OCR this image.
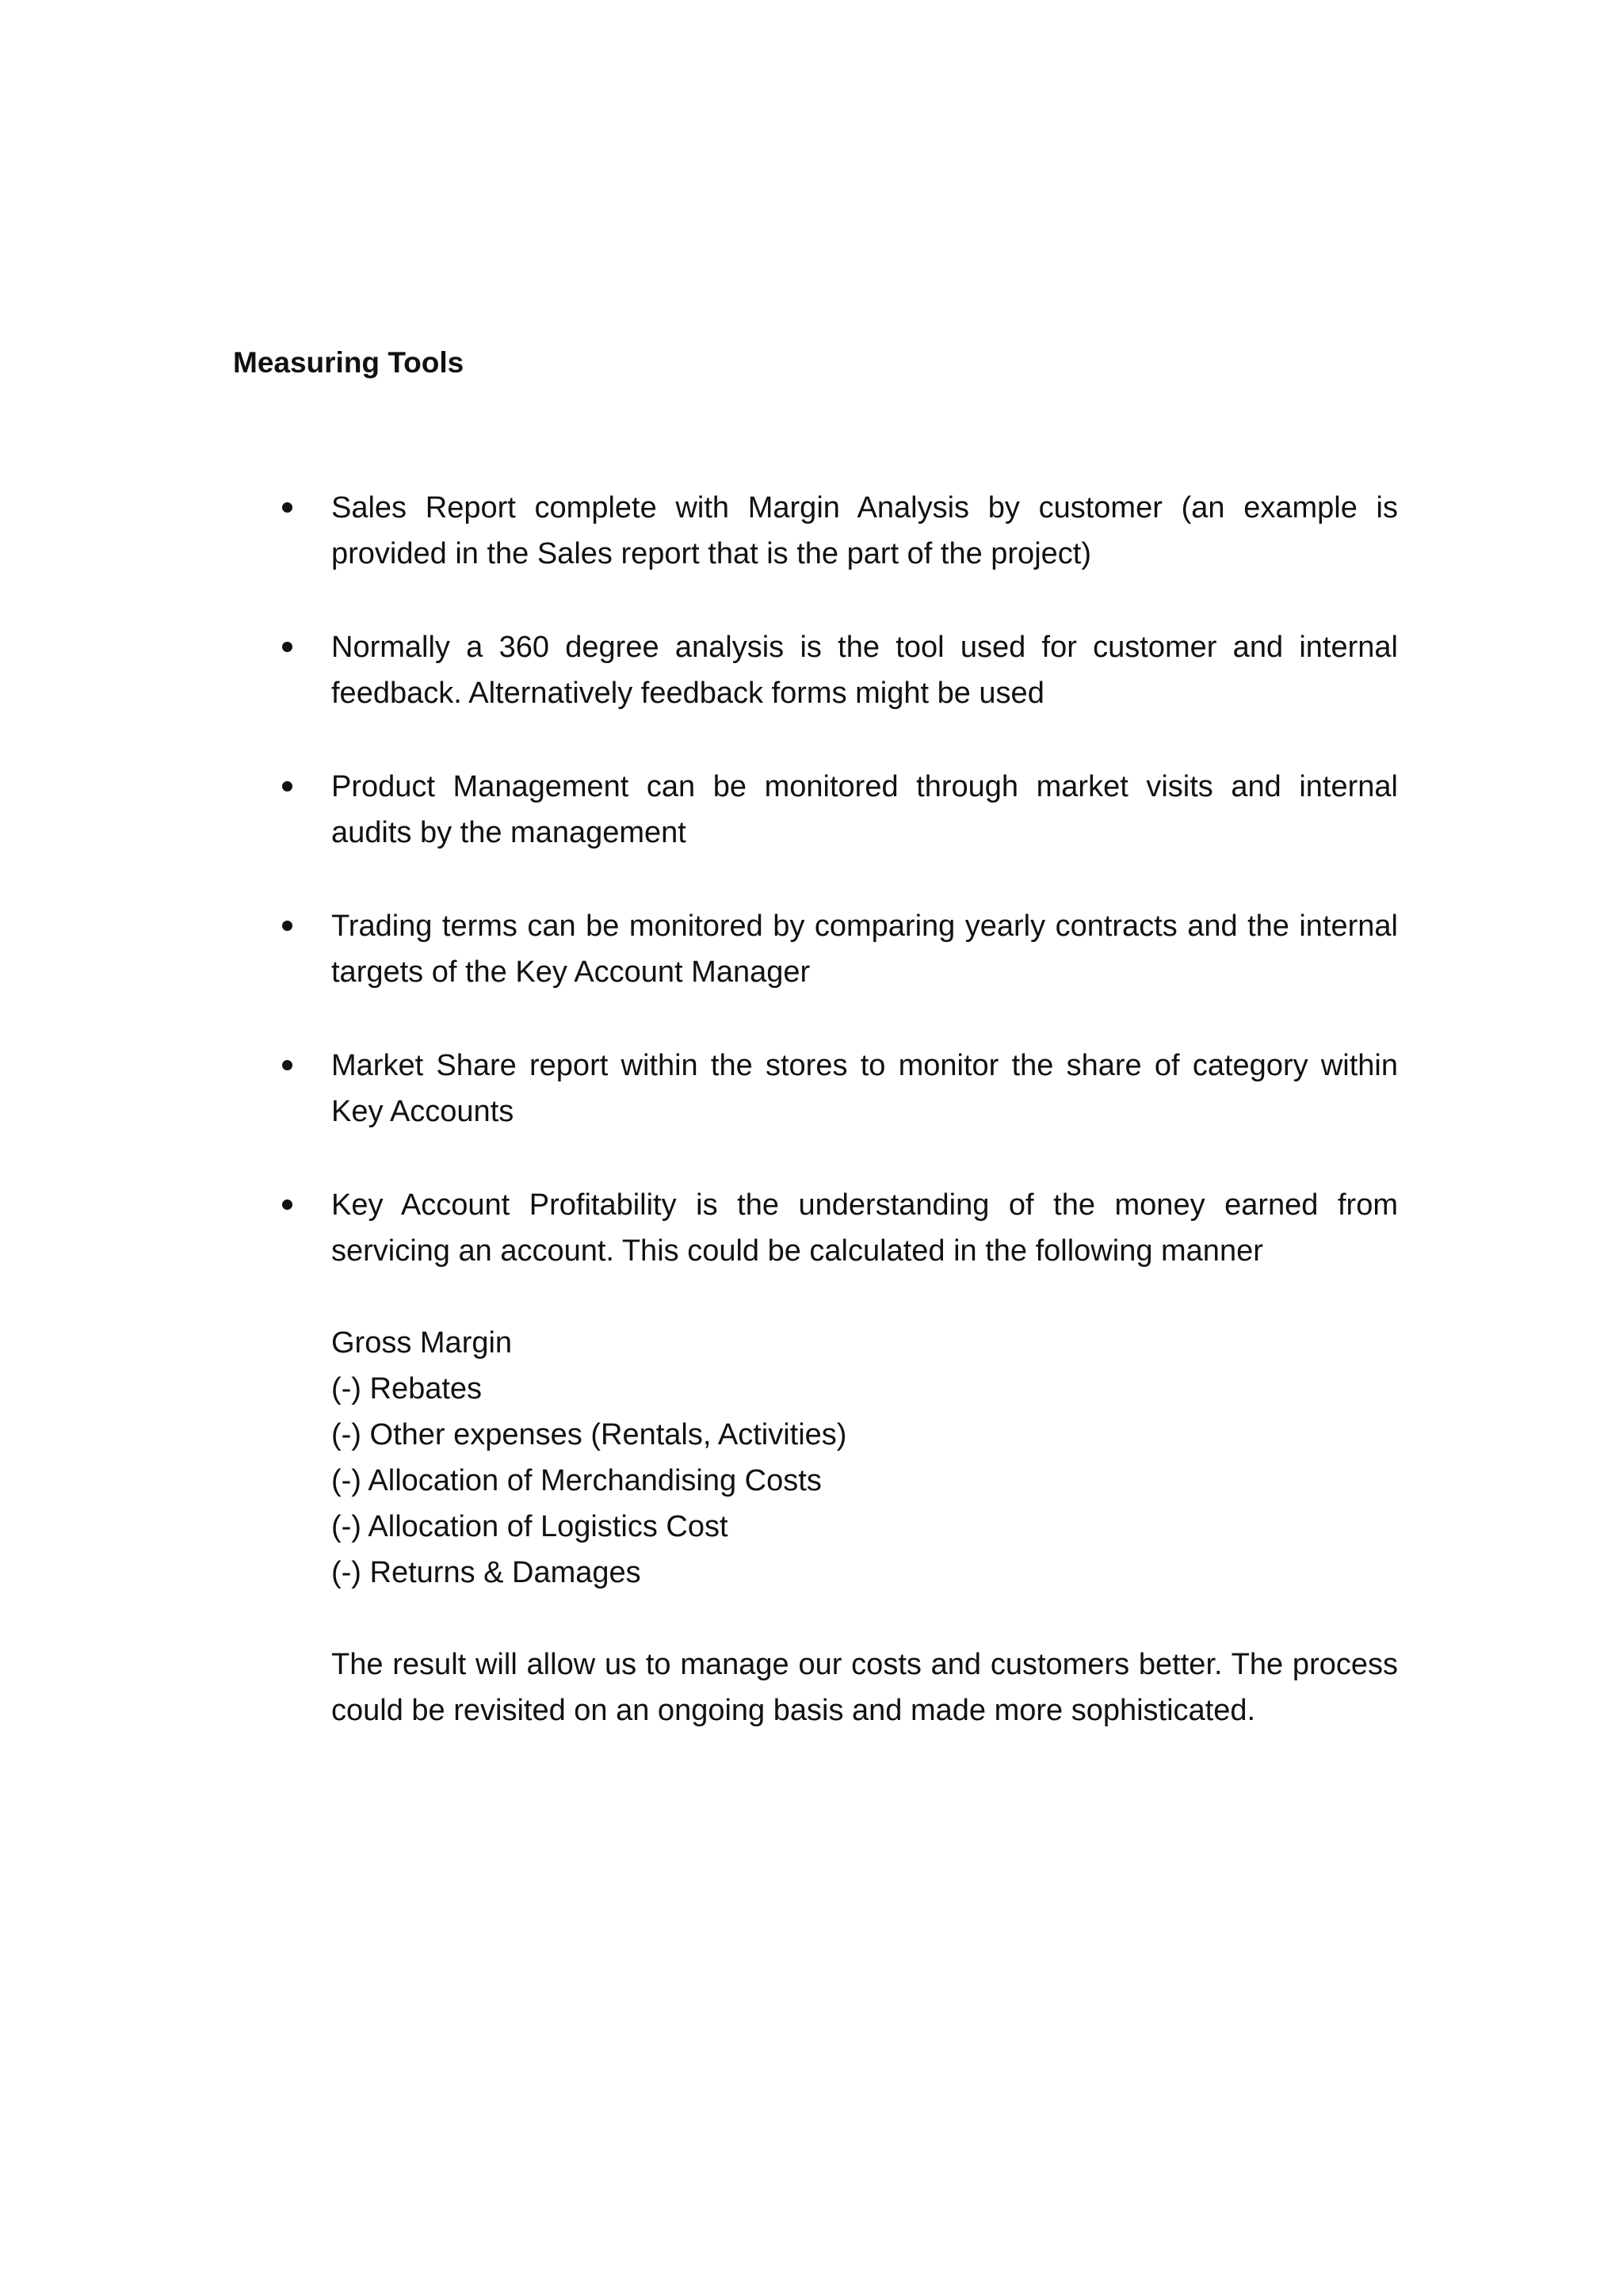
Measuring Tools
Sales Report complete with Margin Analysis by customer (an example is provided in the Sales report that is the part of the project)
Normally a 360 degree analysis is the tool used for customer and internal feedback. Alternatively feedback forms might be used
Product Management can be monitored through market visits and internal audits by the management
Trading terms can be monitored by comparing yearly contracts and the internal targets of the Key Account Manager
Market Share report within the stores to monitor the share of category within Key Accounts
Key Account Profitability is the understanding of the money earned from servicing an account. This could be calculated in the following manner
Gross Margin
(-) Rebates
(-) Other expenses (Rentals, Activities)
(-) Allocation of Merchandising Costs
(-) Allocation of Logistics Cost
(-) Returns & Damages
The result will allow us to manage our costs and customers better. The process could be revisited on an ongoing basis and made more sophisticated.
